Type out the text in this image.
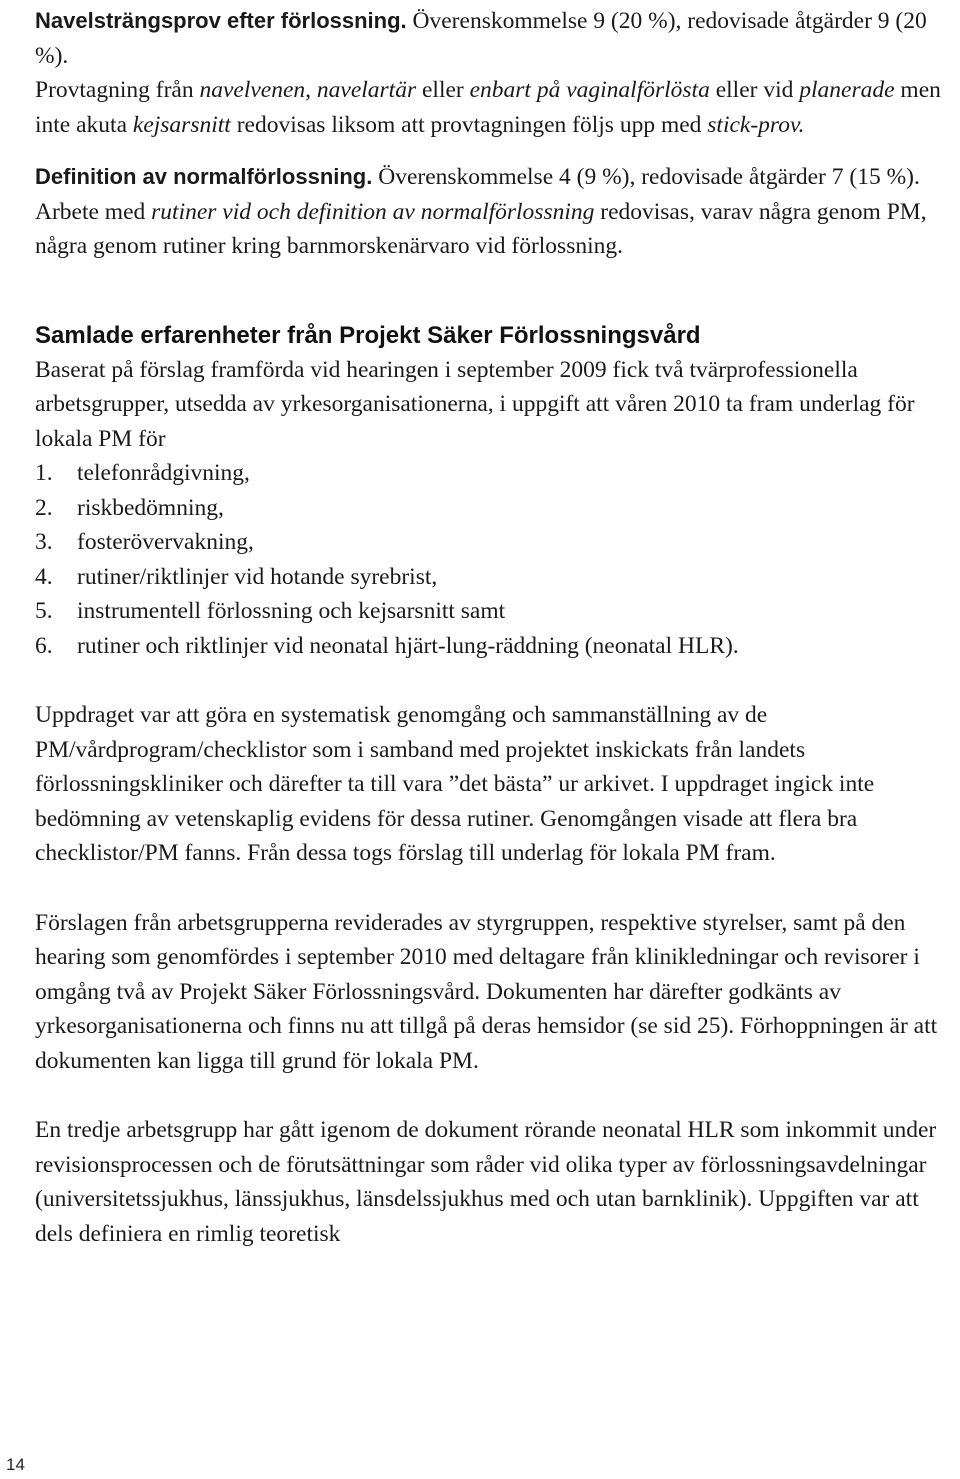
Navelsträngsprov efter förlossning. Överenskommelse 9 (20 %), redovisade åtgärder 9 (20 %).

Provtagning från navelvenen, navelartär eller enbart på vaginalförlösta eller vid planerade men inte akuta kejsarsnitt redovisas liksom att provtagningen följs upp med stick-prov.

Definition av normalförlossning. Överenskommelse 4 (9 %), redovisade åtgärder 7 (15 %).

Arbete med rutiner vid och definition av normalförlossning redovisas, varav några genom PM, några genom rutiner kring barnmorskenärvaro vid förlossning.

Samlade erfarenheter från Projekt Säker Förlossningsvård

Baserat på förslag framförda vid hearingen i september 2009 fick två tvärprofessionella arbetsgrupper, utsedda av yrkesorganisationerna, i uppgift att våren 2010 ta fram underlag för lokala PM för

1. telefonrådgivning,
2. riskbedömning,
3. fosterövervakning,
4. rutiner/riktlinjer vid hotande syrebrist,
5. instrumentell förlossning och kejsarsnitt samt
6. rutiner och riktlinjer vid neonatal hjärt-lung-räddning (neonatal HLR).

Uppdraget var att göra en systematisk genomgång och sammanställning av de PM/vårdprogram/checklistor som i samband med projektet inskickats från landets förlossningskliniker och därefter ta till vara ”det bästa” ur arkivet. I uppdraget ingick inte bedömning av vetenskaplig evidens för dessa rutiner. Genomgången visade att flera bra checklistor/PM fanns. Från dessa togs förslag till underlag för lokala PM fram.

Förslagen från arbetsgrupperna reviderades av styrgruppen, respektive styrelser, samt på den hearing som genomfördes i september 2010 med deltagare från klinikledningar och revisorer i omgång två av Projekt Säker Förlossningsvård. Dokumenten har därefter godkänts av yrkesorganisationerna och finns nu att tillgå på deras hemsidor (se sid 25). Förhoppningen är att dokumenten kan ligga till grund för lokala PM.

En tredje arbetsgrupp har gått igenom de dokument rörande neonatal HLR som inkommit under revisionsprocessen och de förutsättningar som råder vid olika typer av förlossningsavdelningar (universitetssjukhus, länssjukhus, länsdelssjukhus med och utan barnklinik). Uppgiften var att dels definiera en rimlig teoretisk

14
